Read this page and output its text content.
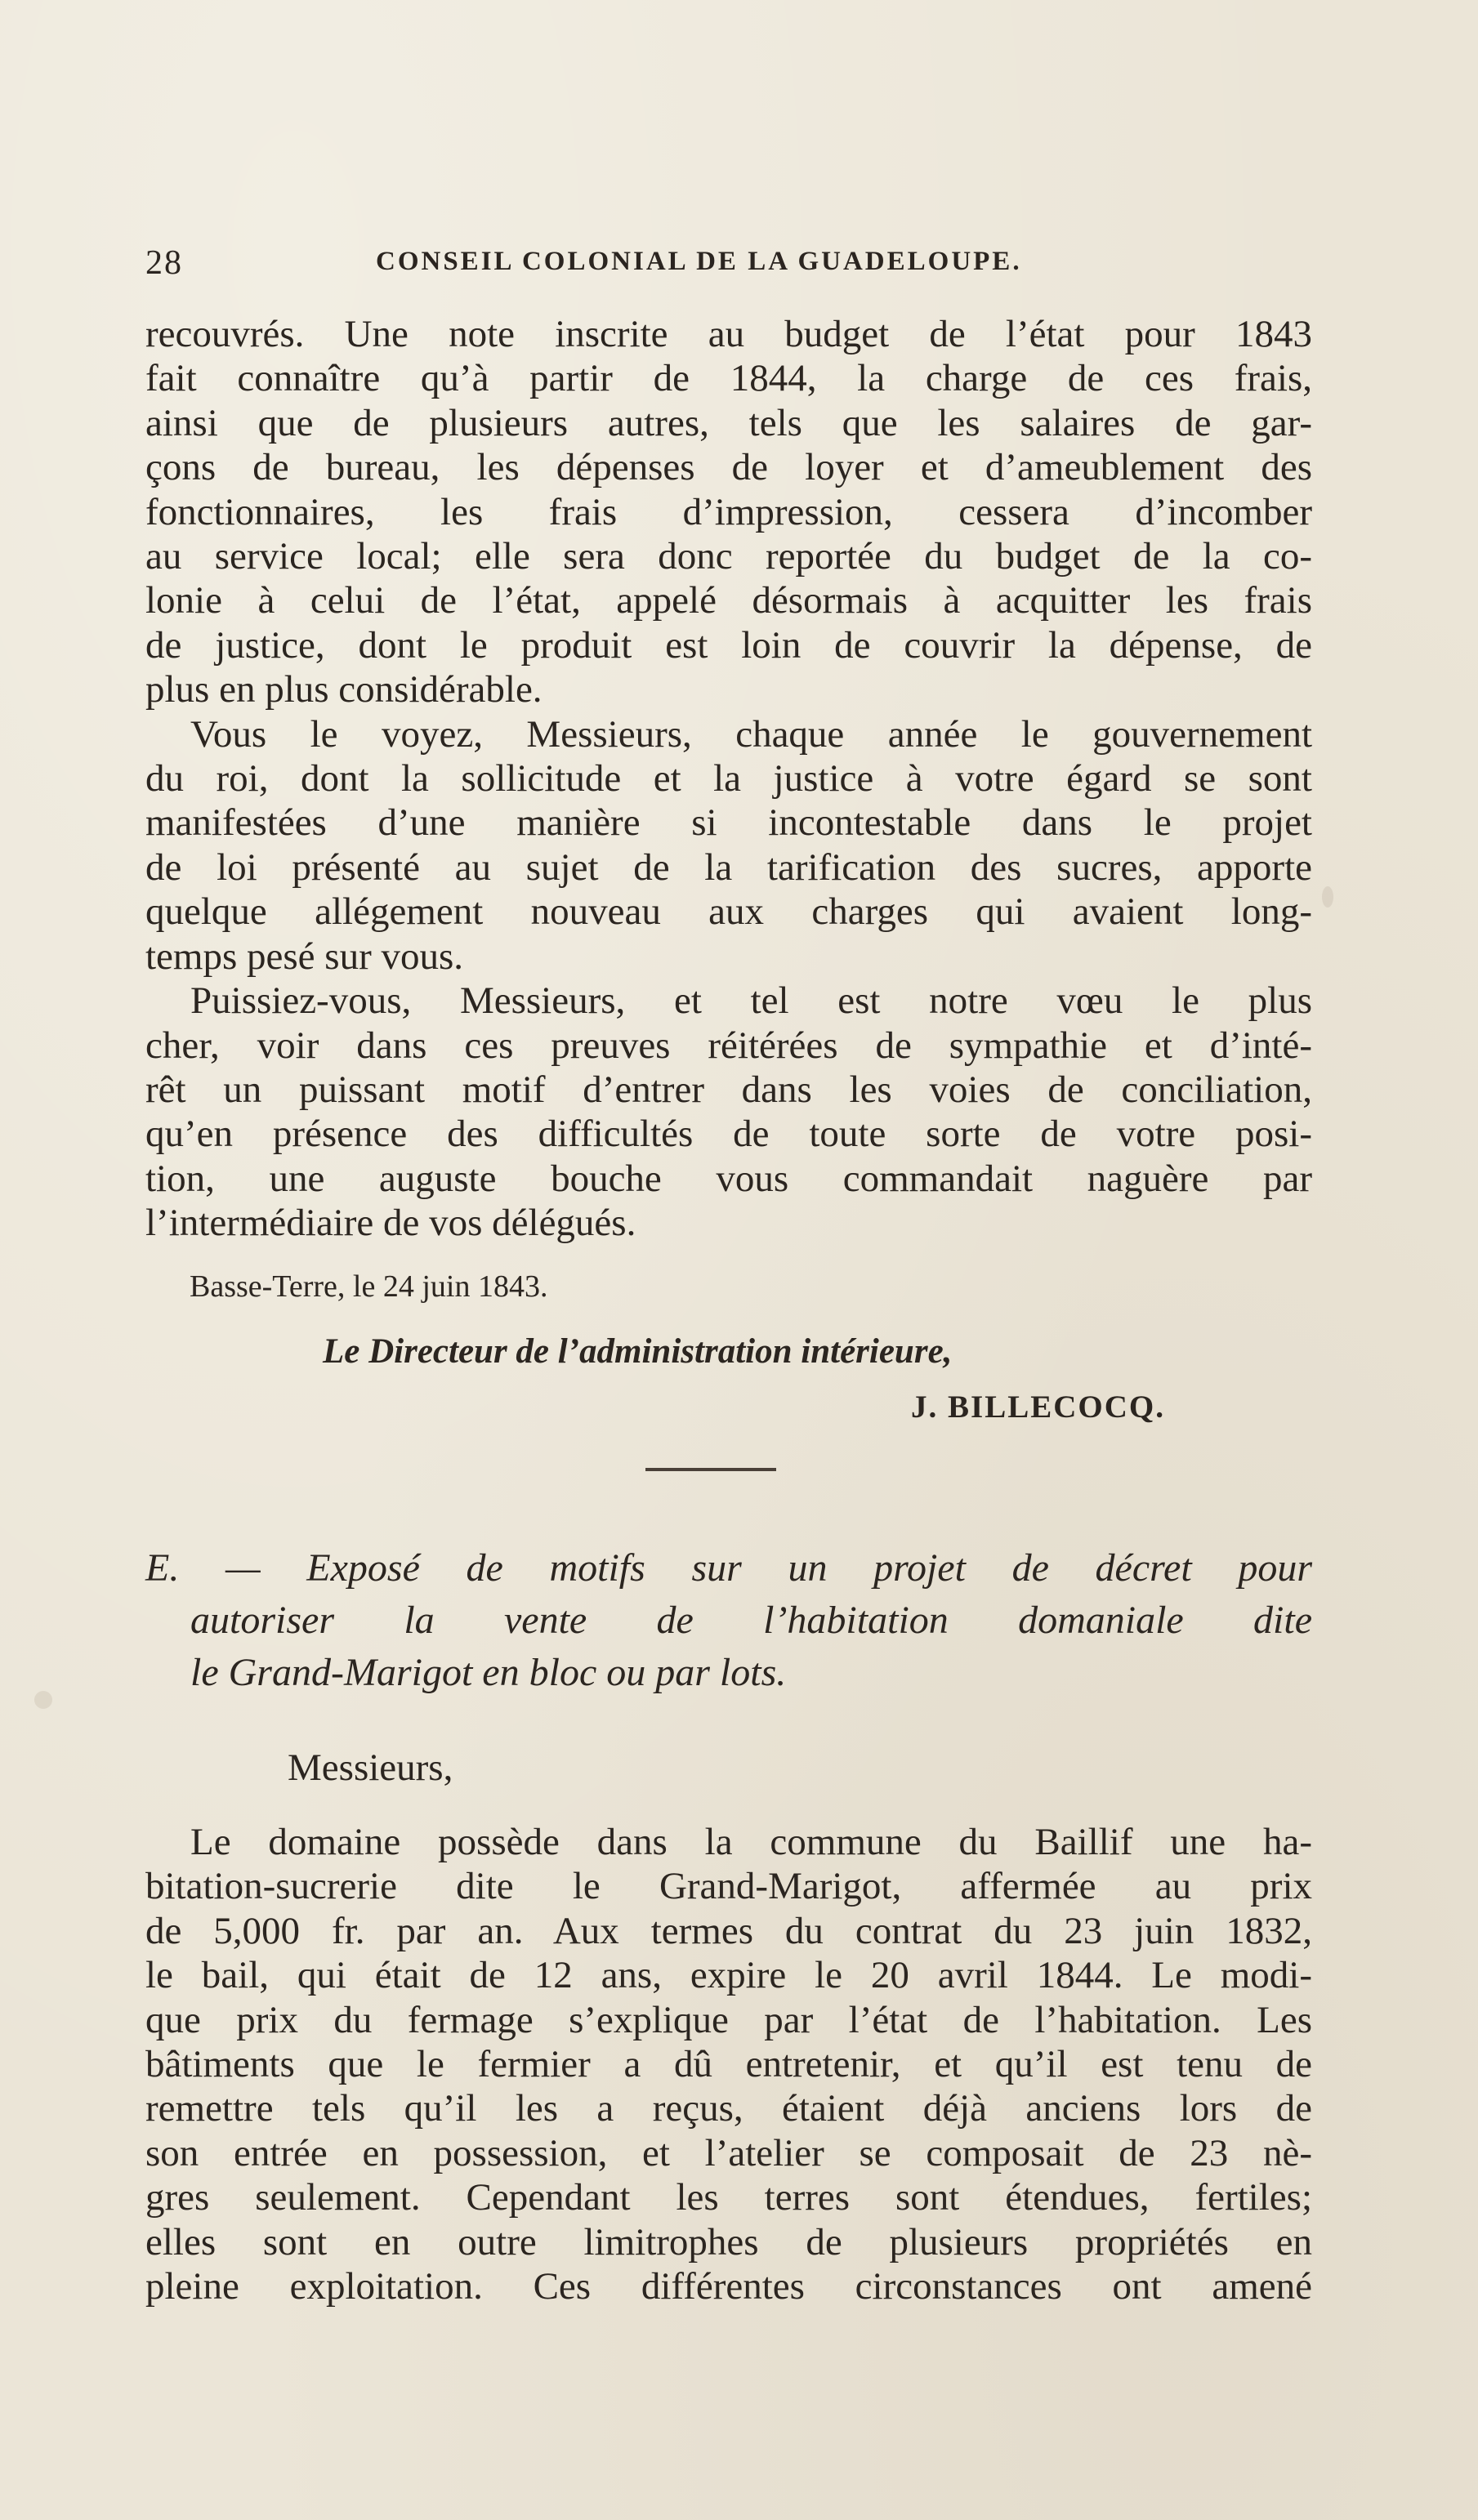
28	CONSEIL COLONIAL DE LA GUADELOUPE.
recouvrés. Une note inscrite au budget de l’état pour 1843
fait connaître qu’à partir de 1844, la charge de ces frais,
ainsi que de plusieurs autres, tels que les salaires de gar-
çons de bureau, les dépenses de loyer et d’ameublement des
fonctionnaires, les frais d’impression, cessera d’incomber
au service local; elle sera donc reportée du budget de la co-
lonie à celui de l’état, appelé désormais à acquitter les frais
de justice, dont le produit est loin de couvrir la dépense, de
plus en plus considérable.
Vous le voyez, Messieurs, chaque année le gouvernement
du roi, dont la sollicitude et la justice à votre égard se sont
manifestées d’une manière si incontestable dans le projet
de loi présenté au sujet de la tarification des sucres, apporte
quelque allégement nouveau aux charges qui avaient long-
temps pesé sur vous.
Puissiez-vous, Messieurs, et tel est notre vœu le plus
cher, voir dans ces preuves réitérées de sympathie et d’inté-
rêt un puissant motif d’entrer dans les voies de conciliation,
qu’en présence des difficultés de toute sorte de votre posi-
tion, une auguste bouche vous commandait naguère par
l’intermédiaire de vos délégués.
Basse-Terre, le 24 juin 1843.
Le Directeur de l’administration intérieure,
J. BILLECOCQ.
E. — Exposé de motifs sur un projet de décret pour
autoriser la vente de l’habitation domaniale dite
le Grand-Marigot en bloc ou par lots.
Messieurs,
Le domaine possède dans la commune du Baillif une ha-
bitation-sucrerie dite le Grand-Marigot, affermée au prix
de 5,000 fr. par an. Aux termes du contrat du 23 juin 1832,
le bail, qui était de 12 ans, expire le 20 avril 1844. Le modi-
que prix du fermage s’explique par l’état de l’habitation. Les
bâtiments que le fermier a dû entretenir, et qu’il est tenu de
remettre tels qu’il les a reçus, étaient déjà anciens lors de
son entrée en possession, et l’atelier se composait de 23 nè-
gres seulement. Cependant les terres sont étendues, fertiles;
elles sont en outre limitrophes de plusieurs propriétés en
pleine exploitation. Ces différentes circonstances ont amené
